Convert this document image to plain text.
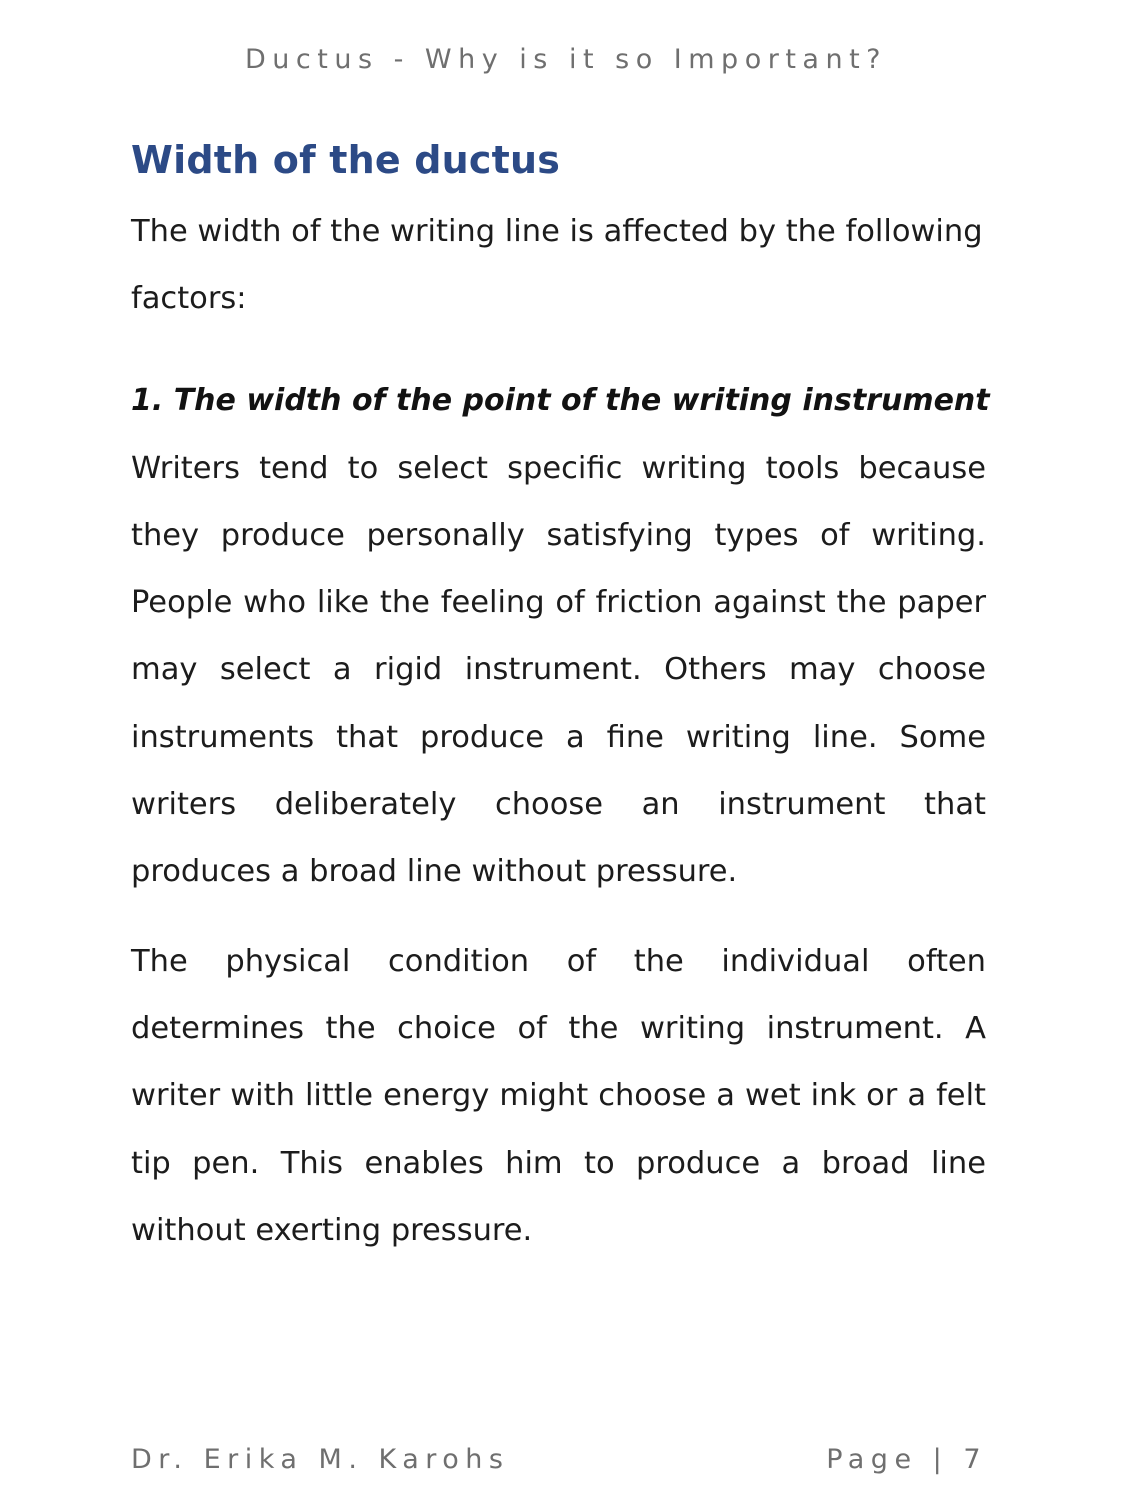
Ductus - Why is it so Important?
Width of the ductus

The width of the writing line is affected by the following factors:

1. The width of the point of the writing instrument

Writers tend to select specific writing tools because they produce personally satisfying types of writing. People who like the feeling of friction against the paper may select a rigid instrument. Others may choose instruments that produce a fine writing line. Some writers deliberately choose an instrument that produces a broad line without pressure.

The physical condition of the individual often determines the choice of the writing instrument. A writer with little energy might choose a wet ink or a felt tip pen. This enables him to produce a broad line without exerting pressure.

Dr. Erika M. Karohs	Page | 7
